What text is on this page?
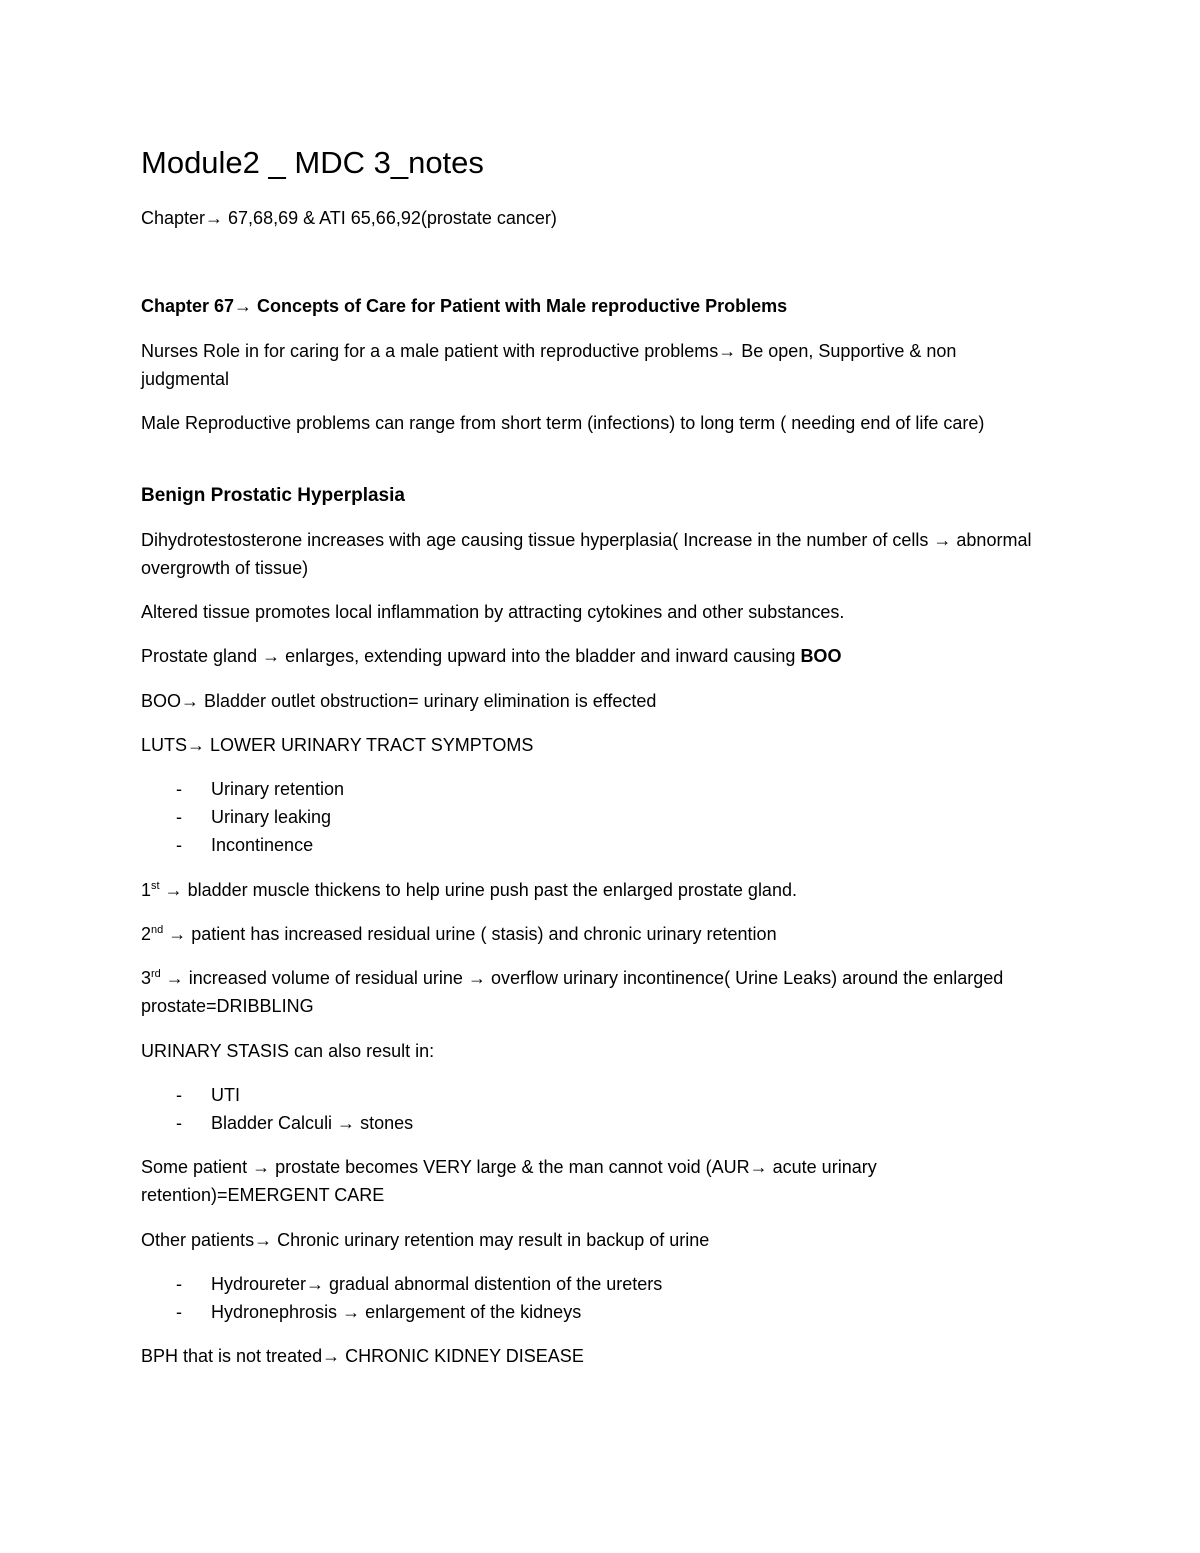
Module2 _ MDC 3_notes
Chapter→ 67,68,69 & ATI 65,66,92(prostate cancer)
Chapter 67→ Concepts of Care for Patient with Male reproductive Problems
Nurses Role in for caring for a a male patient with reproductive problems→ Be open, Supportive & non judgmental
Male Reproductive problems can range from short term (infections) to long term ( needing end of life care)
Benign Prostatic Hyperplasia
Dihydrotestosterone increases with age causing tissue hyperplasia( Increase in the number of cells → abnormal overgrowth of tissue)
Altered tissue promotes local inflammation by attracting cytokines and other substances.
Prostate gland → enlarges, extending upward into the bladder and inward causing BOO
BOO→ Bladder outlet obstruction= urinary elimination is effected
LUTS→ LOWER URINARY TRACT SYMPTOMS
- Urinary retention
- Urinary leaking
- Incontinence
1st → bladder muscle thickens to help urine push past the enlarged prostate gland.
2nd → patient has increased residual urine ( stasis) and chronic urinary retention
3rd → increased volume of residual urine → overflow urinary incontinence( Urine Leaks) around the enlarged prostate=DRIBBLING
URINARY STASIS can also result in:
- UTI
- Bladder Calculi → stones
Some patient → prostate becomes VERY large & the man cannot void (AUR→ acute urinary retention)=EMERGENT CARE
Other patients→ Chronic urinary retention may result in backup of urine
- Hydroureter→ gradual abnormal distention of the ureters
- Hydronephrosis → enlargement of the kidneys
BPH that is not treated→ CHRONIC KIDNEY DISEASE
